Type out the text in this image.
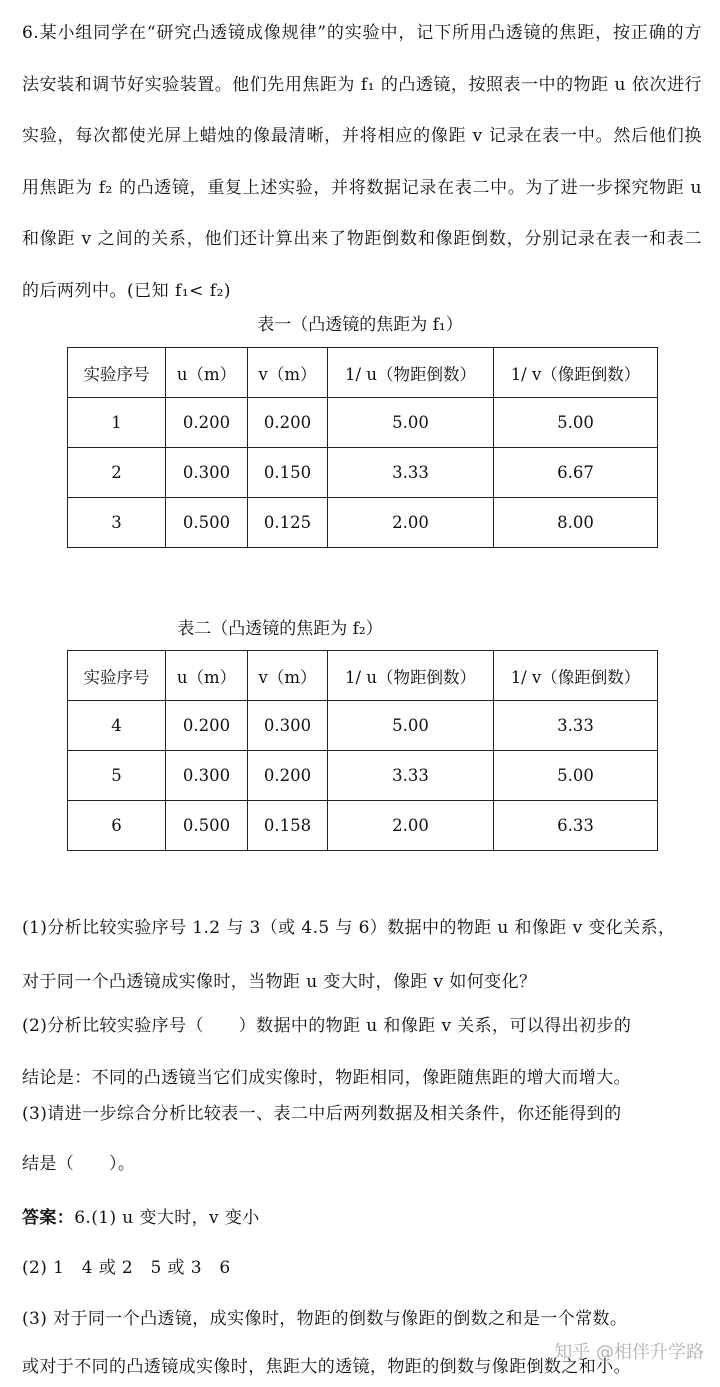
6.某小组同学在“研究凸透镜成像规律”的实验中，记下所用凸透镜的焦距，按正确的方法安装和调节好实验装置。他们先用焦距为 f₁ 的凸透镜，按照表一中的物距 u 依次进行实验，每次都使光屏上蜡烛的像最清晰，并将相应的像距 v 记录在表一中。然后他们换用焦距为 f₂ 的凸透镜，重复上述实验，并将数据记录在表二中。为了进一步探究物距 u 和像距 v 之间的关系，他们还计算出来了物距倒数和像距倒数，分别记录在表一和表二的后两列中。(已知 f₁< f₂)
表一（凸透镜的焦距为 f₁）
实验序号	u（m）	v（m）	1/ u（物距倒数）	1/ v（像距倒数）
1	0.200	0.200	5.00	5.00
2	0.300	0.150	3.33	6.67
3	0.500	0.125	2.00	8.00
表二（凸透镜的焦距为 f₂）
实验序号	u（m）	v（m）	1/ u（物距倒数）	1/ v（像距倒数）
4	0.200	0.300	5.00	3.33
5	0.300	0.200	3.33	5.00
6	0.500	0.158	2.00	6.33
(1)分析比较实验序号 1.2 与 3（或 4.5 与 6）数据中的物距 u 和像距 v 变化关系，
对于同一个凸透镜成实像时，当物距 u 变大时，像距 v 如何变化？
(2)分析比较实验序号（　　）数据中的物距 u 和像距 v 关系，可以得出初步的
结论是：不同的凸透镜当它们成实像时，物距相同，像距随焦距的增大而增大。
(3)请进一步综合分析比较表一、表二中后两列数据及相关条件，你还能得到的
结是（　　）。
答案：6.(1) u 变大时，v 变小
(2) 1　4 或 2　5 或 3　6
(3) 对于同一个凸透镜，成实像时，物距的倒数与像距的倒数之和是一个常数。
或对于不同的凸透镜成实像时，焦距大的透镜，物距的倒数与像距倒数之和小。
知乎 @相伴升学路
